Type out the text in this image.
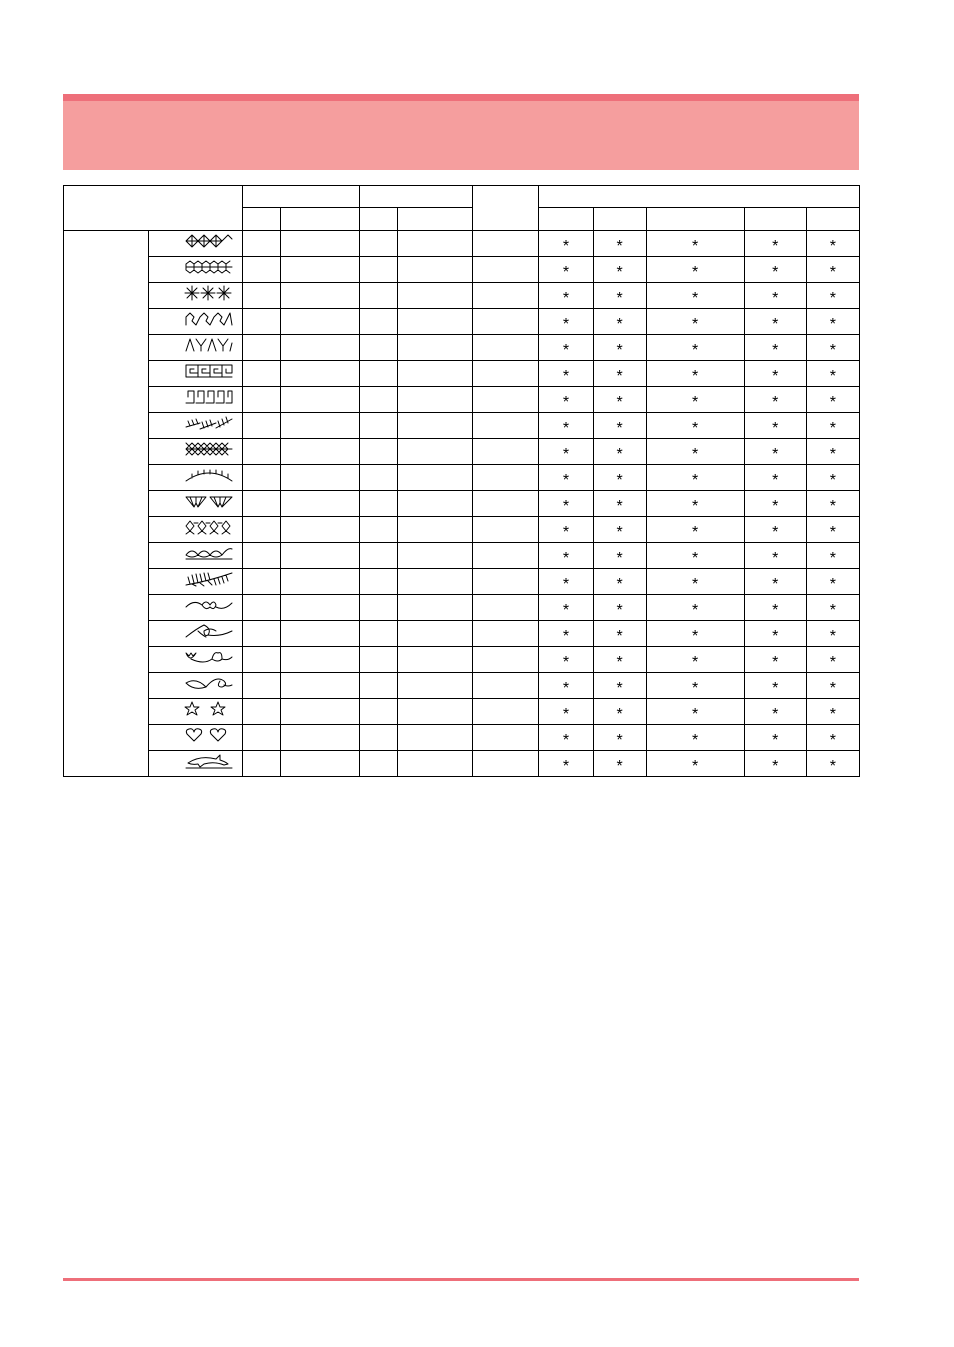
						*	*	*	*	*

						*	*	*	*	*

						*	*	*	*	*

						*	*	*	*	*

						*	*	*	*	*

						*	*	*	*	*

						*	*	*	*	*

						*	*	*	*	*

						*	*	*	*	*

						*	*	*	*	*

						*	*	*	*	*

						*	*	*	*	*

						*	*	*	*	*

						*	*	*	*	*

						*	*	*	*	*

						*	*	*	*	*

						*	*	*	*	*

						*	*	*	*	*

						*	*	*	*	*

						*	*	*	*	*

						*	*	*	*	*
